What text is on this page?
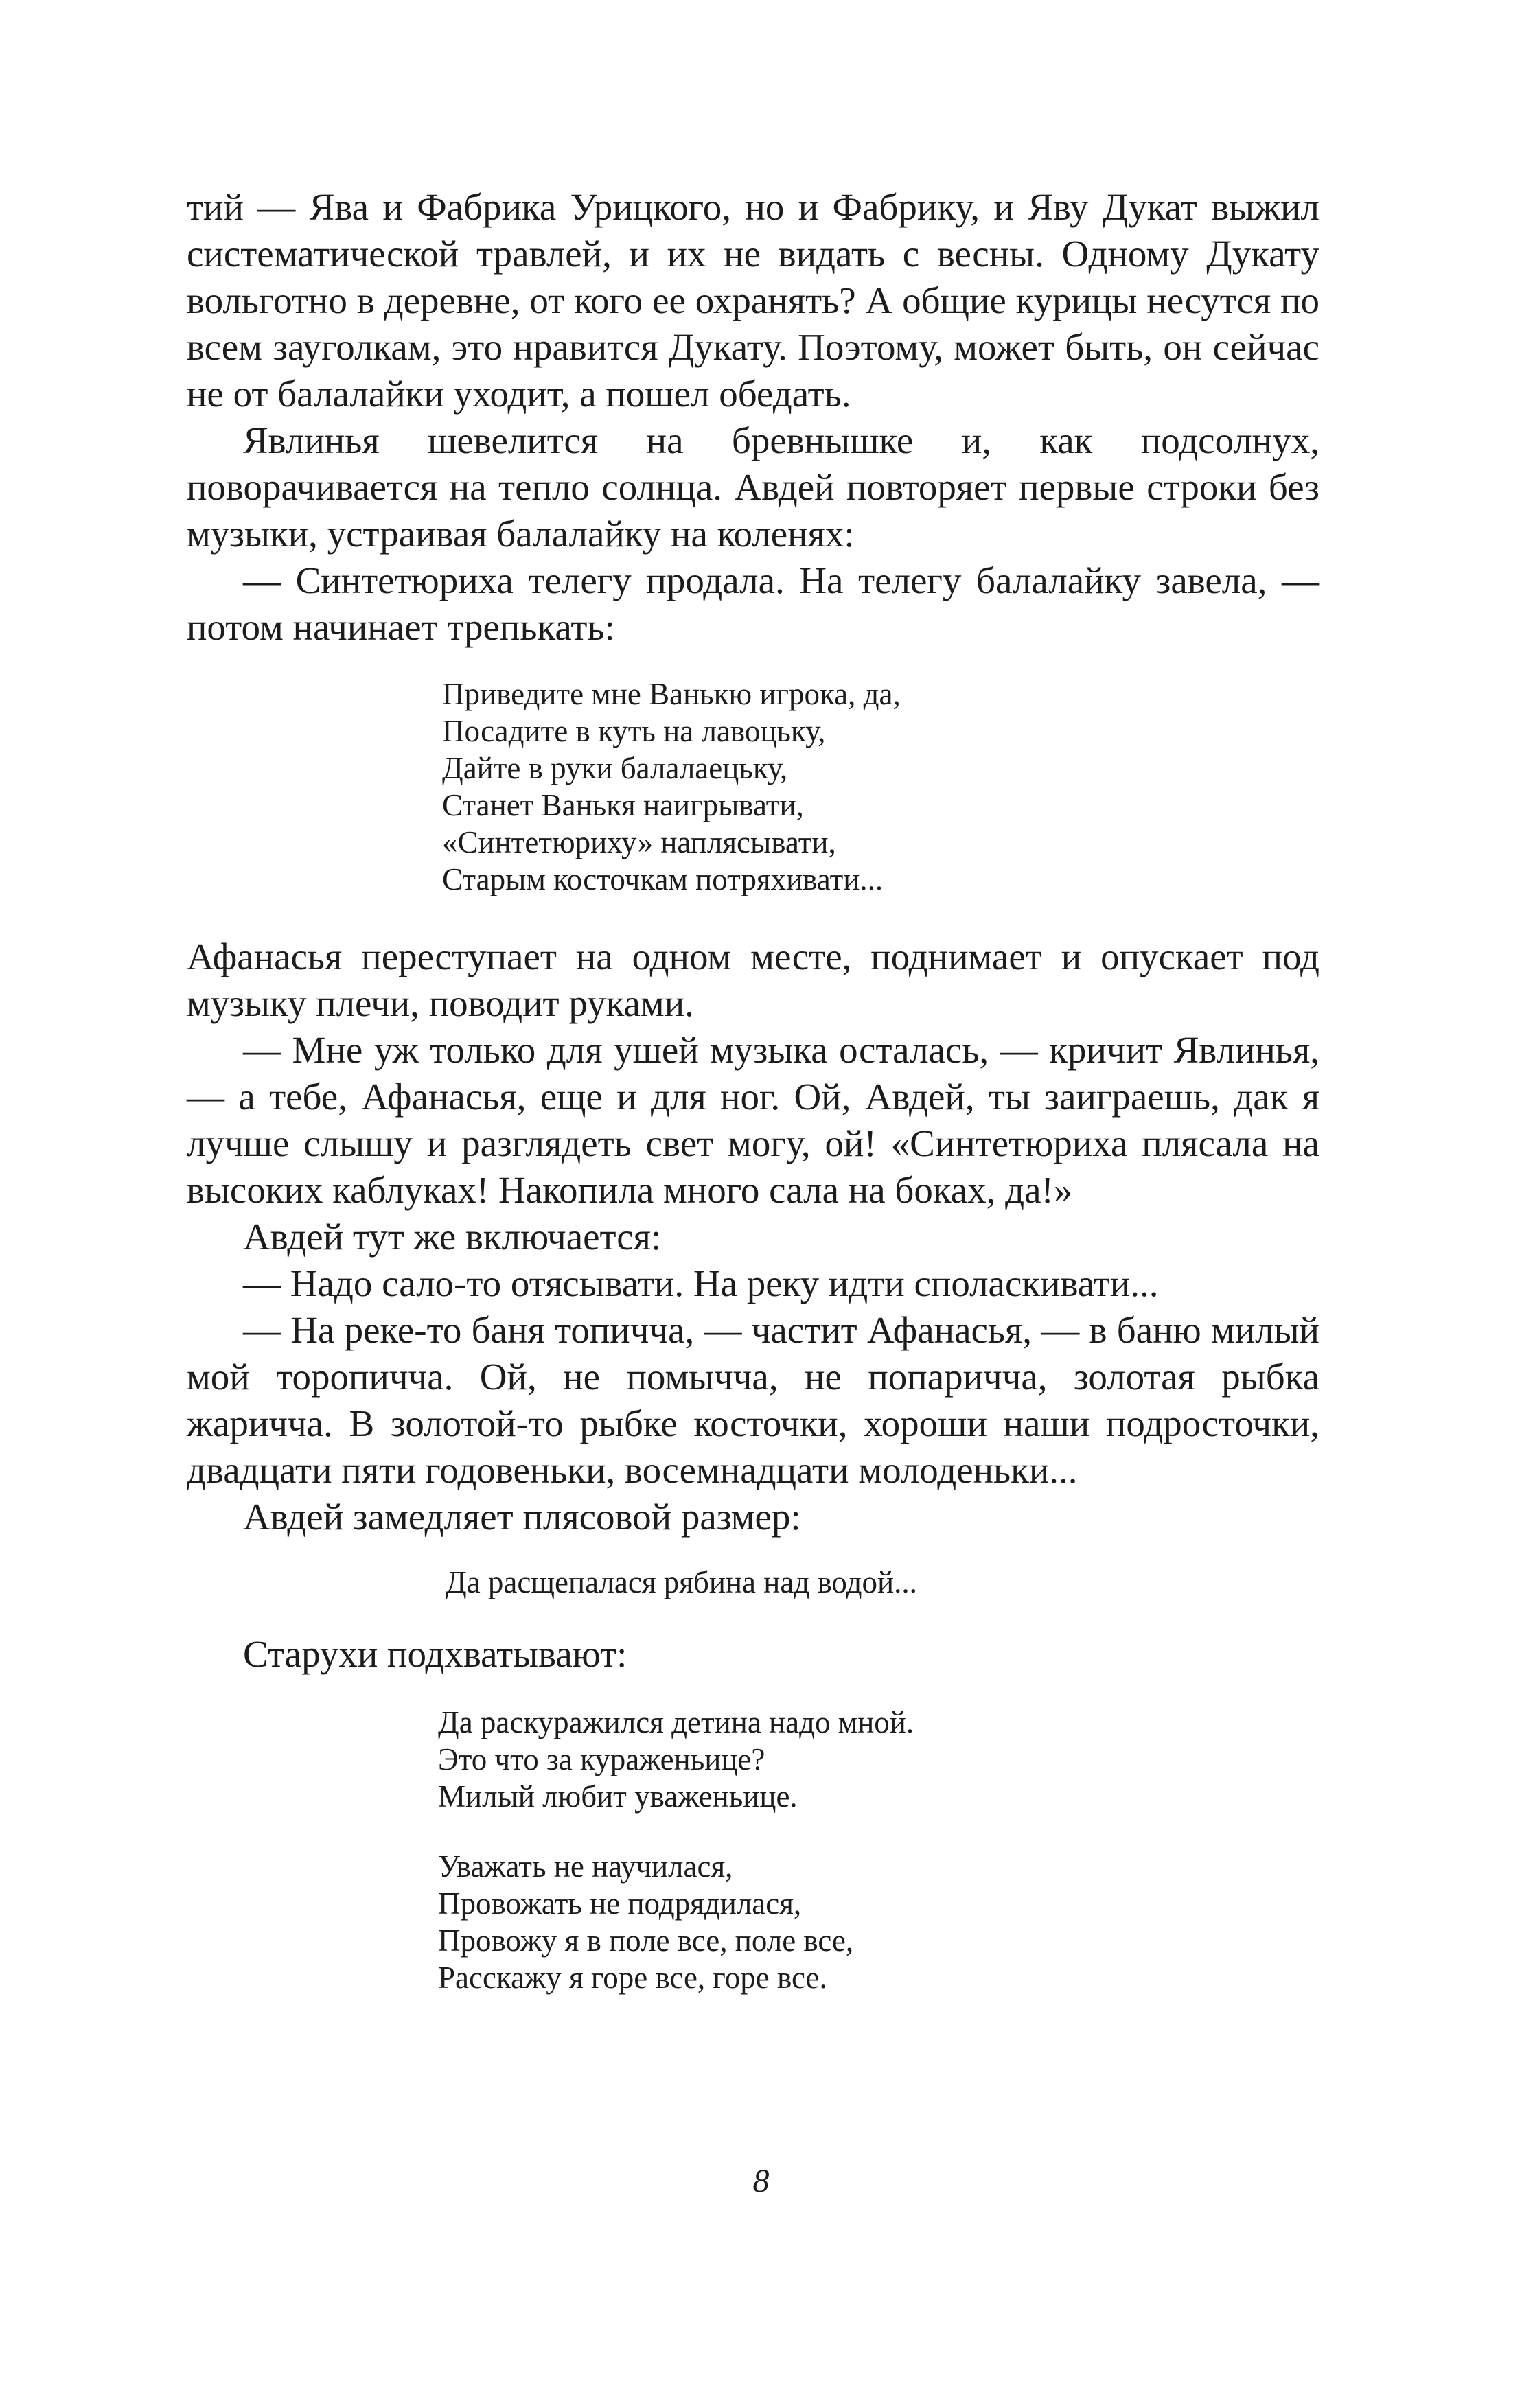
тий — Ява и Фабрика Урицкого, но и Фабрику, и Яву Дукат выжил систематической травлей, и их не видать с весны. Одному Дукату вольготно в деревне, от кого ее охранять? А общие курицы несутся по всем зауголкам, это нравится Дукату. Поэтому, может быть, он сейчас не от балалайки уходит, а пошел обедать.

Явлинья шевелится на бревнышке и, как подсолнух, поворачивается на тепло солнца. Авдей повторяет первые строки без музыки, устраивая балалайку на коленях:

— Синтетюриха телегу продала. На телегу балалайку завела, — потом начинает трепькать:

Приведите мне Ванькю игрока, да,
Посадите в куть на лавоцьку,
Дайте в руки балалаецьку,
Станет Ванькя наигрывати,
«Синтетюриху» наплясывати,
Старым косточкам потряхивати...

Афанасья переступает на одном месте, поднимает и опускает под музыку плечи, поводит руками.

— Мне уж только для ушей музыка осталась, — кричит Явлинья, — а тебе, Афанасья, еще и для ног. Ой, Авдей, ты заиграешь, дак я лучше слышу и разглядеть свет могу, ой! «Синтетюриха плясала на высоких каблуках! Накопила много сала на боках, да!»

Авдей тут же включается:

— Надо сало-то отясывати. На реку идти споласкивати...

— На реке-то баня топичча, — частит Афанасья, — в баню милый мой торопичча. Ой, не помычча, не попаричча, золотая рыбка жаричча. В золотой-то рыбке косточки, хороши наши подросточки, двадцати пяти годовеньки, восемнадцати молоденьки...

Авдей замедляет плясовой размер:

Да расщепалася рябина над водой...

Старухи подхватывают:

Да раскуражился детина надо мной.
Это что за кураженьице?
Милый любит уваженьице.
Уважать не научилася,
Провожать не подрядилася,
Провожу я в поле все, поле все,
Расскажу я горе все, горе все.
8
